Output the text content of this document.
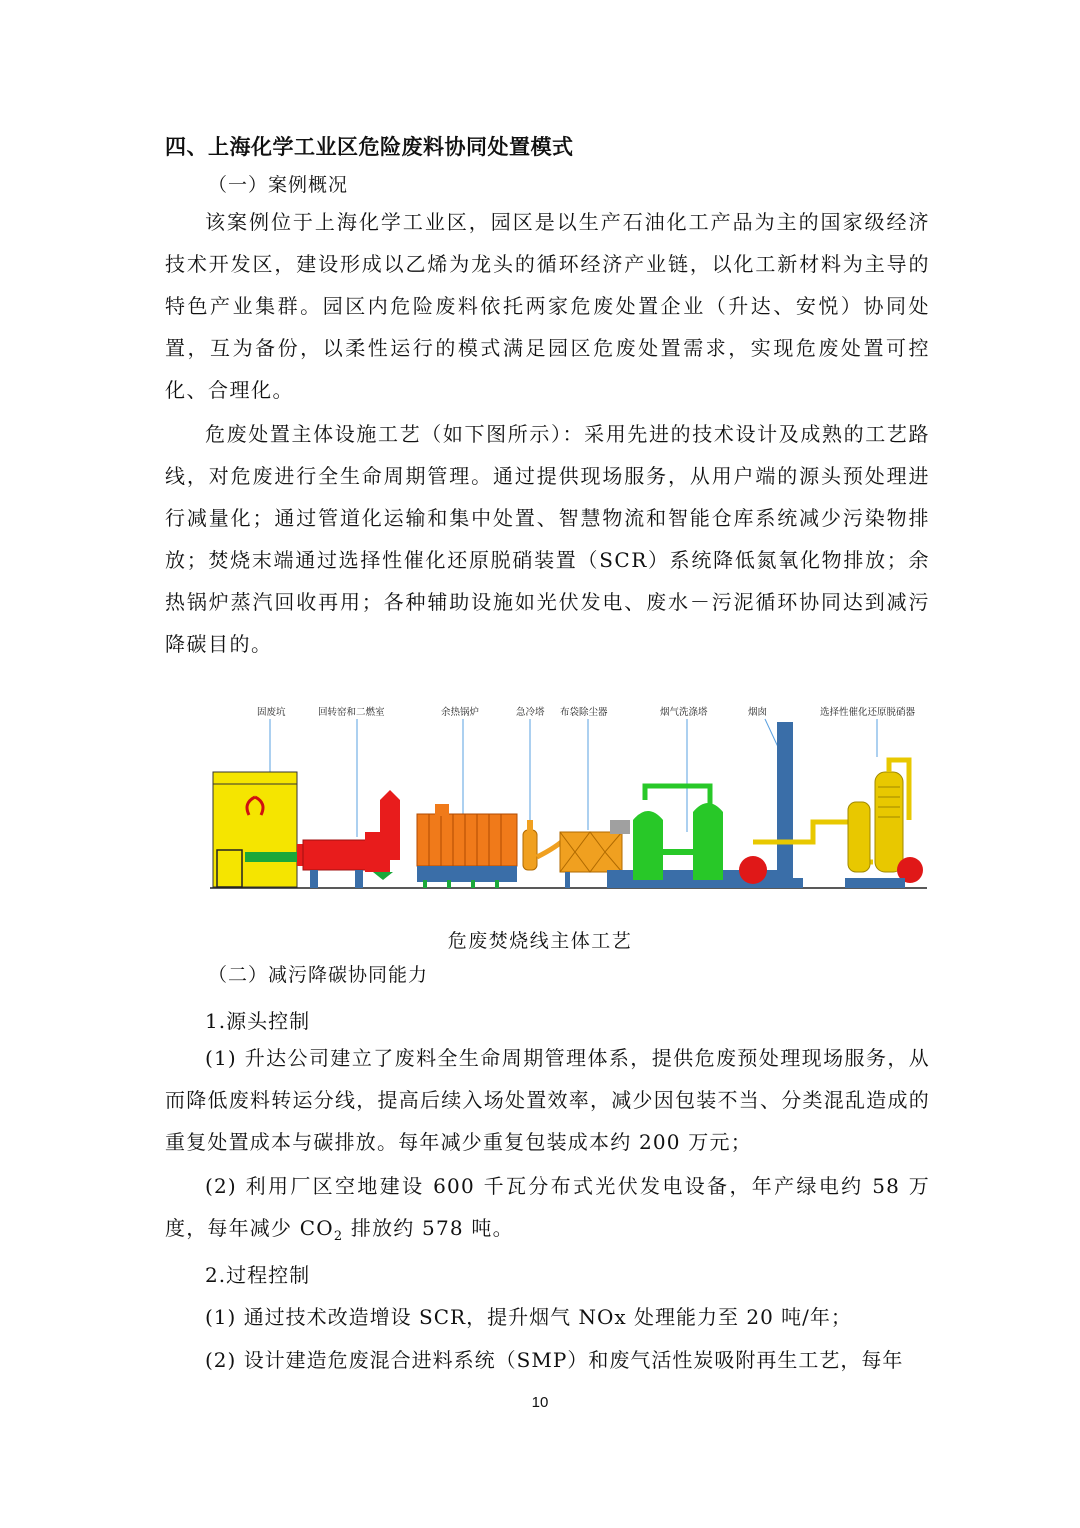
四、上海化学工业区危险废料协同处置模式
（一）案例概况
该案例位于上海化学工业区，园区是以生产石油化工产品为主的国家级经济技术开发区，建设形成以乙烯为龙头的循环经济产业链，以化工新材料为主导的特色产业集群。园区内危险废料依托两家危废处置企业（升达、安悦）协同处置，互为备份，以柔性运行的模式满足园区危废处置需求，实现危废处置可控化、合理化。
危废处置主体设施工艺（如下图所示）：采用先进的技术设计及成熟的工艺路线，对危废进行全生命周期管理。通过提供现场服务，从用户端的源头预处理进行减量化；通过管道化运输和集中处置、智慧物流和智能仓库系统减少污染物排放；焚烧末端通过选择性催化还原脱硝装置（SCR）系统降低氮氧化物排放；余热锅炉蒸汽回收再用；各种辅助设施如光伏发电、废水－污泥循环协同达到减污降碳目的。
固废坑	回转窑和二燃室	余热锅炉	急冷塔 布袋除尘器	烟气洗涤塔	烟囱	选择性催化还原脱硝器
危废焚烧线主体工艺
（二）减污降碳协同能力
1.源头控制
(1) 升达公司建立了废料全生命周期管理体系，提供危废预处理现场服务，从而降低废料转运分线，提高后续入场处置效率，减少因包装不当、分类混乱造成的重复处置成本与碳排放。每年减少重复包装成本约 200 万元；
(2) 利用厂区空地建设 600 千瓦分布式光伏发电设备，年产绿电约 58 万度，每年减少 $CO_2$ 排放约 578 吨。
2.过程控制
(1) 通过技术改造增设 SCR，提升烟气 NOx 处理能力至 20 吨/年；
(2) 设计建造危废混合进料系统（SMP）和废气活性炭吸附再生工艺，每年
10
